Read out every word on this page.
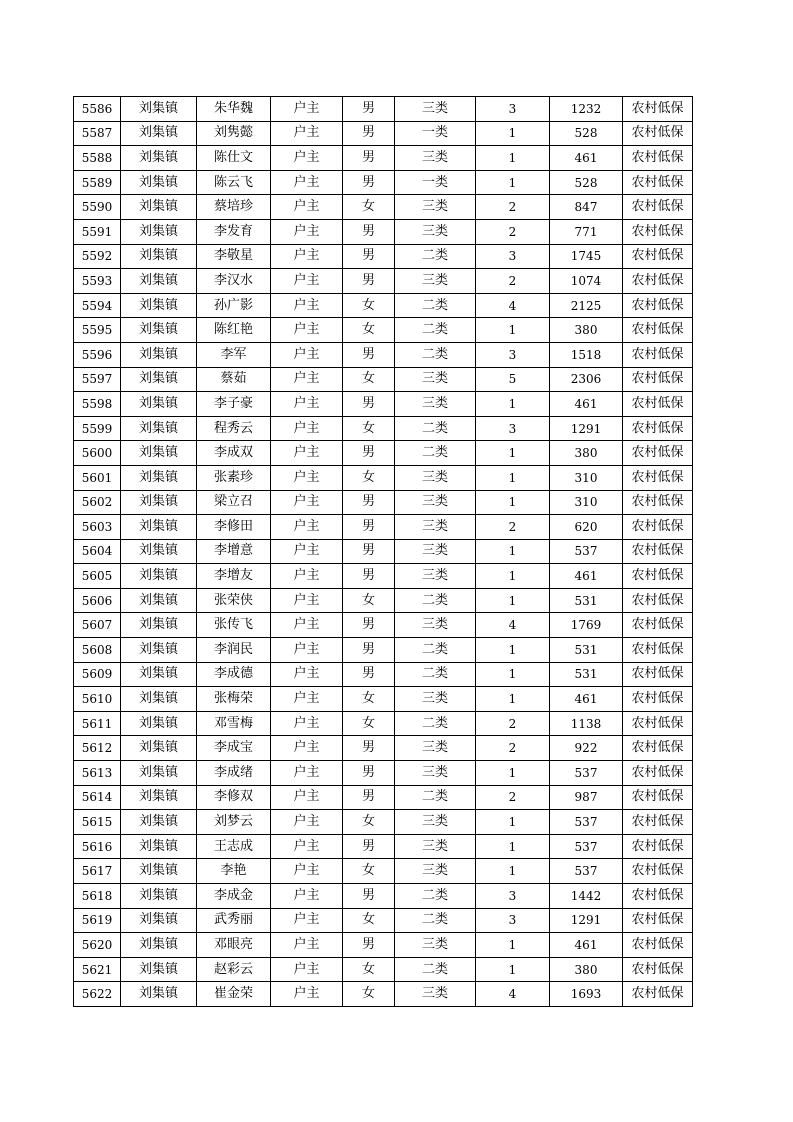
5586	刘集镇	朱华魏	户主	男	三类	3	1232	农村低保
5587	刘集镇	刘隽懿	户主	男	一类	1	528	农村低保
5588	刘集镇	陈仕文	户主	男	三类	1	461	农村低保
5589	刘集镇	陈云飞	户主	男	一类	1	528	农村低保
5590	刘集镇	蔡培珍	户主	女	三类	2	847	农村低保
5591	刘集镇	李发育	户主	男	三类	2	771	农村低保
5592	刘集镇	李敬星	户主	男	二类	3	1745	农村低保
5593	刘集镇	李汉水	户主	男	三类	2	1074	农村低保
5594	刘集镇	孙广影	户主	女	二类	4	2125	农村低保
5595	刘集镇	陈红艳	户主	女	二类	1	380	农村低保
5596	刘集镇	李军	户主	男	二类	3	1518	农村低保
5597	刘集镇	蔡茹	户主	女	三类	5	2306	农村低保
5598	刘集镇	李子豪	户主	男	三类	1	461	农村低保
5599	刘集镇	程秀云	户主	女	二类	3	1291	农村低保
5600	刘集镇	李成双	户主	男	二类	1	380	农村低保
5601	刘集镇	张素珍	户主	女	三类	1	310	农村低保
5602	刘集镇	梁立召	户主	男	三类	1	310	农村低保
5603	刘集镇	李修田	户主	男	三类	2	620	农村低保
5604	刘集镇	李增意	户主	男	三类	1	537	农村低保
5605	刘集镇	李增友	户主	男	三类	1	461	农村低保
5606	刘集镇	张荣侠	户主	女	二类	1	531	农村低保
5607	刘集镇	张传飞	户主	男	三类	4	1769	农村低保
5608	刘集镇	李润民	户主	男	二类	1	531	农村低保
5609	刘集镇	李成德	户主	男	二类	1	531	农村低保
5610	刘集镇	张梅荣	户主	女	三类	1	461	农村低保
5611	刘集镇	邓雪梅	户主	女	二类	2	1138	农村低保
5612	刘集镇	李成宝	户主	男	三类	2	922	农村低保
5613	刘集镇	李成绪	户主	男	三类	1	537	农村低保
5614	刘集镇	李修双	户主	男	二类	2	987	农村低保
5615	刘集镇	刘梦云	户主	女	三类	1	537	农村低保
5616	刘集镇	王志成	户主	男	三类	1	537	农村低保
5617	刘集镇	李艳	户主	女	三类	1	537	农村低保
5618	刘集镇	李成金	户主	男	二类	3	1442	农村低保
5619	刘集镇	武秀丽	户主	女	二类	3	1291	农村低保
5620	刘集镇	邓眼亮	户主	男	三类	1	461	农村低保
5621	刘集镇	赵彩云	户主	女	二类	1	380	农村低保
5622	刘集镇	崔金荣	户主	女	三类	4	1693	农村低保
